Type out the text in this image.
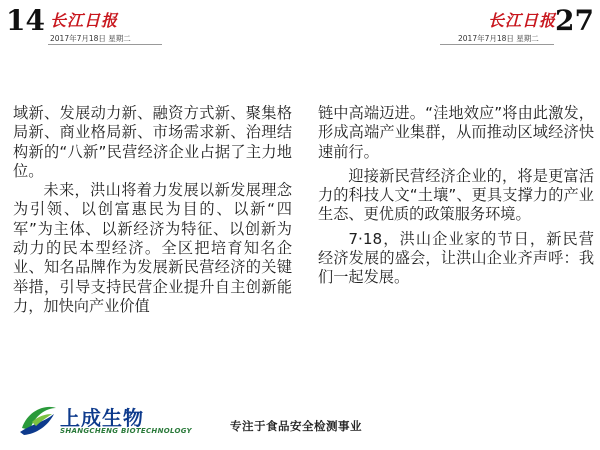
14 长江日报
2017年7月18日 星期二
长江日报 27
2017年7月18日 星期二

域新、发展动力新、融资方式新、聚集格局新、商业格局新、市场需求新、治理结构新的“八新”民营经济企业占据了主力地位。

未来，洪山将着力发展以新发展理念为引领、以创富惠民为目的、以新“四军”为主体、以新经济为特征、以创新为动力的民本型经济。全区把培育知名企业、知名品牌作为发展新民营经济的关键举措，引导支持民营企业提升自主创新能力，加快向产业价值

链中高端迈进。“洼地效应”将由此激发，形成高端产业集群，从而推动区域经济快速前行。

迎接新民营经济企业的，将是更富活力的科技人文“土壤”、更具支撑力的产业生态、更优质的政策服务环境。

7·18，洪山企业家的节日，新民营经济发展的盛会，让洪山企业齐声呼：我们一起发展。

上成生物
SHANGCHENG BIOTECHNOLOGY	专注于食品安全检测事业
